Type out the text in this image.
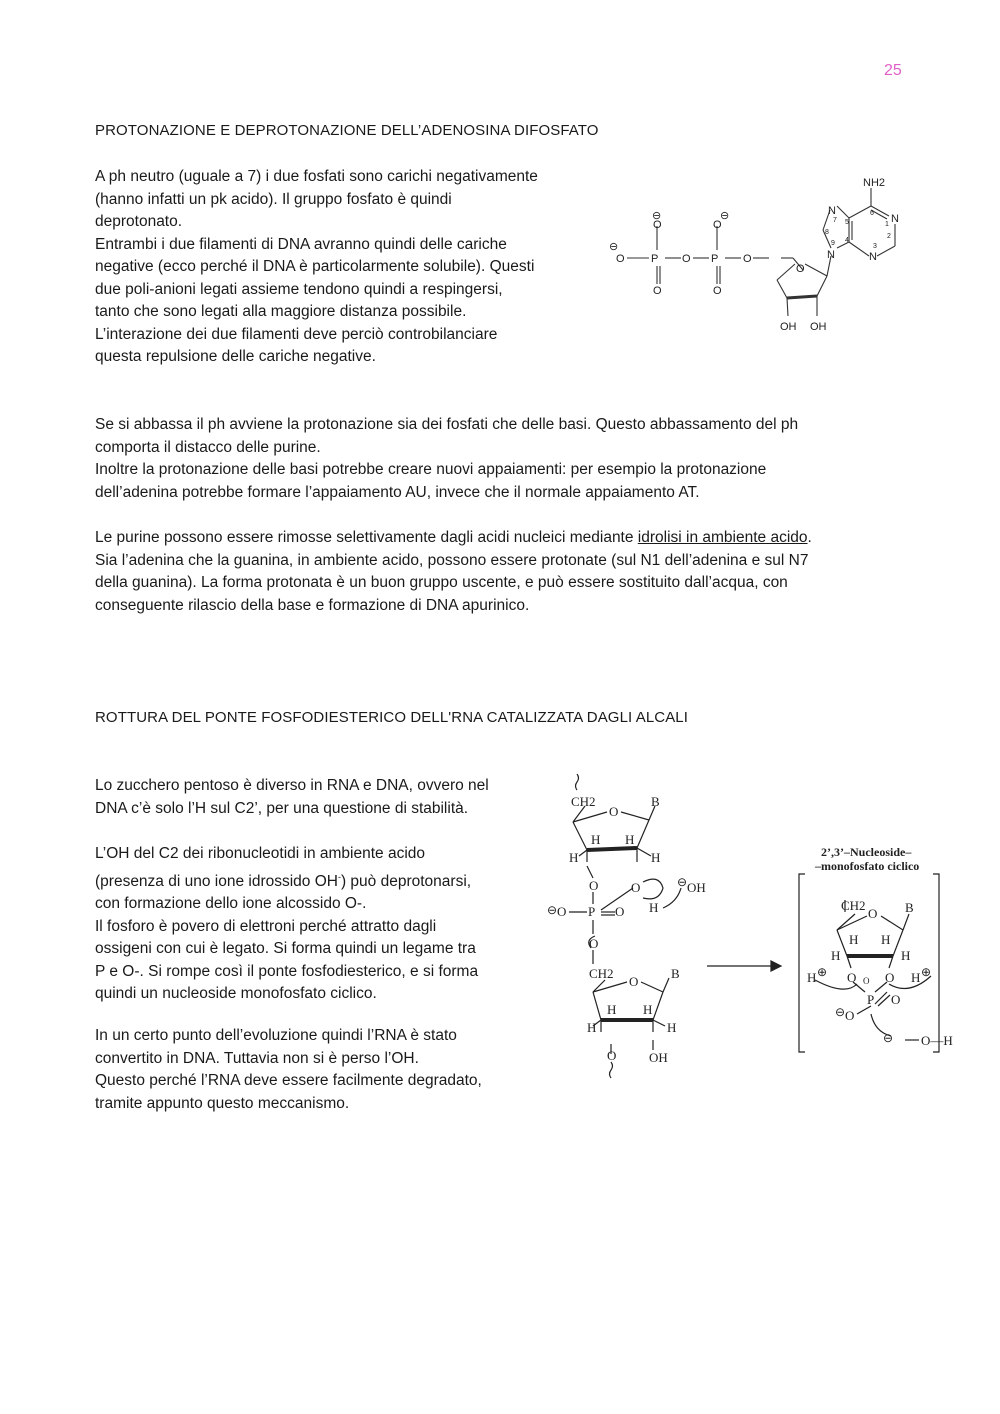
25
PROTONAZIONE E DEPROTONAZIONE DELL’ADENOSINA DIFOSFATO

A ph neutro (uguale a 7) i due fosfati sono carichi negativamente

(hanno infatti un pk acido). Il gruppo fosfato è quindi

deprotonato.

Entrambi i due filamenti di DNA avranno quindi delle cariche

negative (ecco perché il DNA è particolarmente solubile). Questi

due poli-anioni legati assieme tendono quindi a respingersi,

tanto che sono legati alla maggiore distanza possibile.

L’interazione dei due filamenti deve perciò controbilanciare

questa repulsione delle cariche negative.

⊖
O P
⊖
O
O
O P
⊖
O
O
O
O
OH OH
N
N
N
N
NH2
7 5
6
1
2
3
4
8
9

Se si abbassa il ph avviene la protonazione sia dei fosfati che delle basi. Questo abbassamento del ph

comporta il distacco delle purine.

Inoltre la protonazione delle basi potrebbe creare nuovi appaiamenti: per esempio la protonazione

dell’adenina potrebbe formare l’appaiamento AU, invece che il normale appaiamento AT.

Le purine possono essere rimosse selettivamente dagli acidi nucleici mediante idrolisi in ambiente acido.

Sia l’adenina che la guanina, in ambiente acido, possono essere protonate (sul N1 dell’adenina e sul N7

della guanina). La forma protonata è un buon gruppo uscente, e può essere sostituito dall’acqua, con

conseguente rilascio della base e formazione di DNA apurinico.

ROTTURA DEL PONTE FOSFODIESTERICO DELL'RNA CATALIZZATA DAGLI ALCALI

Lo zucchero pentoso è diverso in RNA e DNA, ovvero nel

DNA c’è solo l’H sul C2’, per una questione di stabilità.

L’OH del C2 dei ribonucleotidi in ambiente acido

(presenza di uno ione idrossido OH-) può deprotonarsi,

con formazione dello ione alcossido O-.

Il fosforo è povero di elettroni perché attratto dagli

ossigeni con cui è legato. Si forma quindi un legame tra

P e O-. Si rompe così il ponte fosfodiesterico, e si forma

quindi un nucleoside monofosfato ciclico.

In un certo punto dell’evoluzione quindi l’RNA è stato

convertito in DNA. Tuttavia non si è perso l’OH.

Questo perché l’RNA deve essere facilmente degradato,

tramite appunto questo meccanismo.

CH2
O
B
H H
H	H
O	O	OH
H
O P O
O
CH2
O
B
H H
H	H
O	OH
CH2
O B
H H
H	H
O O
P O
O
O—H
H	H
⊖
⊖
⊕	⊕
⊖
⊖
O
2’,3’–Nucleoside–
–monofosfato ciclico
